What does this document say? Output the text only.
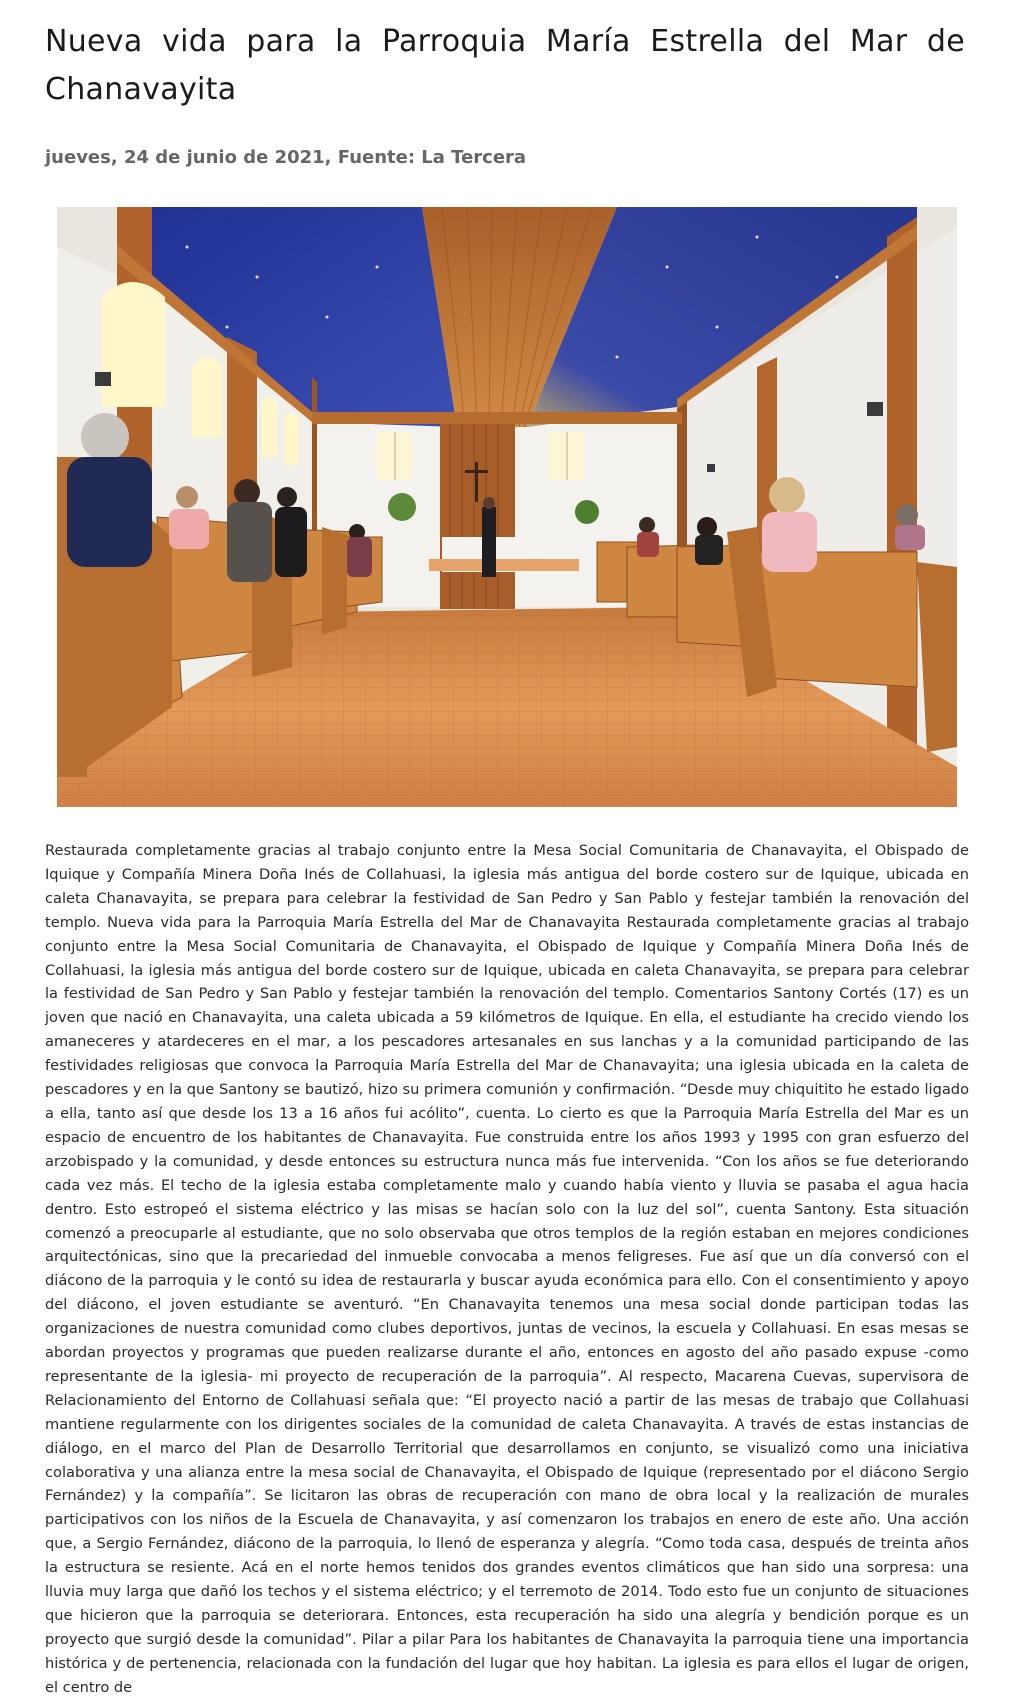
Nueva vida para la Parroquia María Estrella del Mar de Chanavayita
jueves, 24 de junio de 2021, Fuente: La Tercera

Restaurada completamente gracias al trabajo conjunto entre la Mesa Social Comunitaria de Chanavayita, el Obispado de Iquique y Compañía Minera Doña Inés de Collahuasi, la iglesia más antigua del borde costero sur de Iquique, ubicada en caleta Chanavayita, se prepara para celebrar la festividad de San Pedro y San Pablo y festejar también la renovación del templo. Nueva vida para la Parroquia María Estrella del Mar de Chanavayita Restaurada completamente gracias al trabajo conjunto entre la Mesa Social Comunitaria de Chanavayita, el Obispado de Iquique y Compañía Minera Doña Inés de Collahuasi, la iglesia más antigua del borde costero sur de Iquique, ubicada en caleta Chanavayita, se prepara para celebrar la festividad de San Pedro y San Pablo y festejar también la renovación del templo. Comentarios Santony Cortés (17) es un joven que nació en Chanavayita, una caleta ubicada a 59 kilómetros de Iquique. En ella, el estudiante ha crecido viendo los amaneceres y atardeceres en el mar, a los pescadores artesanales en sus lanchas y a la comunidad participando de las festividades religiosas que convoca la Parroquia María Estrella del Mar de Chanavayita; una iglesia ubicada en la caleta de pescadores y en la que Santony se bautizó, hizo su primera comunión y confirmación. “Desde muy chiquitito he estado ligado a ella, tanto así que desde los 13 a 16 años fui acólito”, cuenta. Lo cierto es que la Parroquia María Estrella del Mar es un espacio de encuentro de los habitantes de Chanavayita. Fue construida entre los años 1993 y 1995 con gran esfuerzo del arzobispado y la comunidad, y desde entonces su estructura nunca más fue intervenida. “Con los años se fue deteriorando cada vez más. El techo de la iglesia estaba completamente malo y cuando había viento y lluvia se pasaba el agua hacia dentro. Esto estropeó el sistema eléctrico y las misas se hacían solo con la luz del sol”, cuenta Santony. Esta situación comenzó a preocuparle al estudiante, que no solo observaba que otros templos de la región estaban en mejores condiciones arquitectónicas, sino que la precariedad del inmueble convocaba a menos feligreses. Fue así que un día conversó con el diácono de la parroquia y le contó su idea de restaurarla y buscar ayuda económica para ello. Con el consentimiento y apoyo del diácono, el joven estudiante se aventuró. “En Chanavayita tenemos una mesa social donde participan todas las organizaciones de nuestra comunidad como clubes deportivos, juntas de vecinos, la escuela y Collahuasi. En esas mesas se abordan proyectos y programas que pueden realizarse durante el año, entonces en agosto del año pasado expuse -como representante de la iglesia- mi proyecto de recuperación de la parroquia”. Al respecto, Macarena Cuevas, supervisora de Relacionamiento del Entorno de Collahuasi señala que: “El proyecto nació a partir de las mesas de trabajo que Collahuasi mantiene regularmente con los dirigentes sociales de la comunidad de caleta Chanavayita. A través de estas instancias de diálogo, en el marco del Plan de Desarrollo Territorial que desarrollamos en conjunto, se visualizó como una iniciativa colaborativa y una alianza entre la mesa social de Chanavayita, el Obispado de Iquique (representado por el diácono Sergio Fernández) y la compañía”. Se licitaron las obras de recuperación con mano de obra local y la realización de murales participativos con los niños de la Escuela de Chanavayita, y así comenzaron los trabajos en enero de este año. Una acción que, a Sergio Fernández, diácono de la parroquia, lo llenó de esperanza y alegría. “Como toda casa, después de treinta años la estructura se resiente. Acá en el norte hemos tenidos dos grandes eventos climáticos que han sido una sorpresa: una lluvia muy larga que dañó los techos y el sistema eléctrico; y el terremoto de 2014. Todo esto fue un conjunto de situaciones que hicieron que la parroquia se deteriorara. Entonces, esta recuperación ha sido una alegría y bendición porque es un proyecto que surgió desde la comunidad”. Pilar a pilar Para los habitantes de Chanavayita la parroquia tiene una importancia histórica y de pertenencia, relacionada con la fundación del lugar que hoy habitan. La iglesia es para ellos el lugar de origen, el centro de
